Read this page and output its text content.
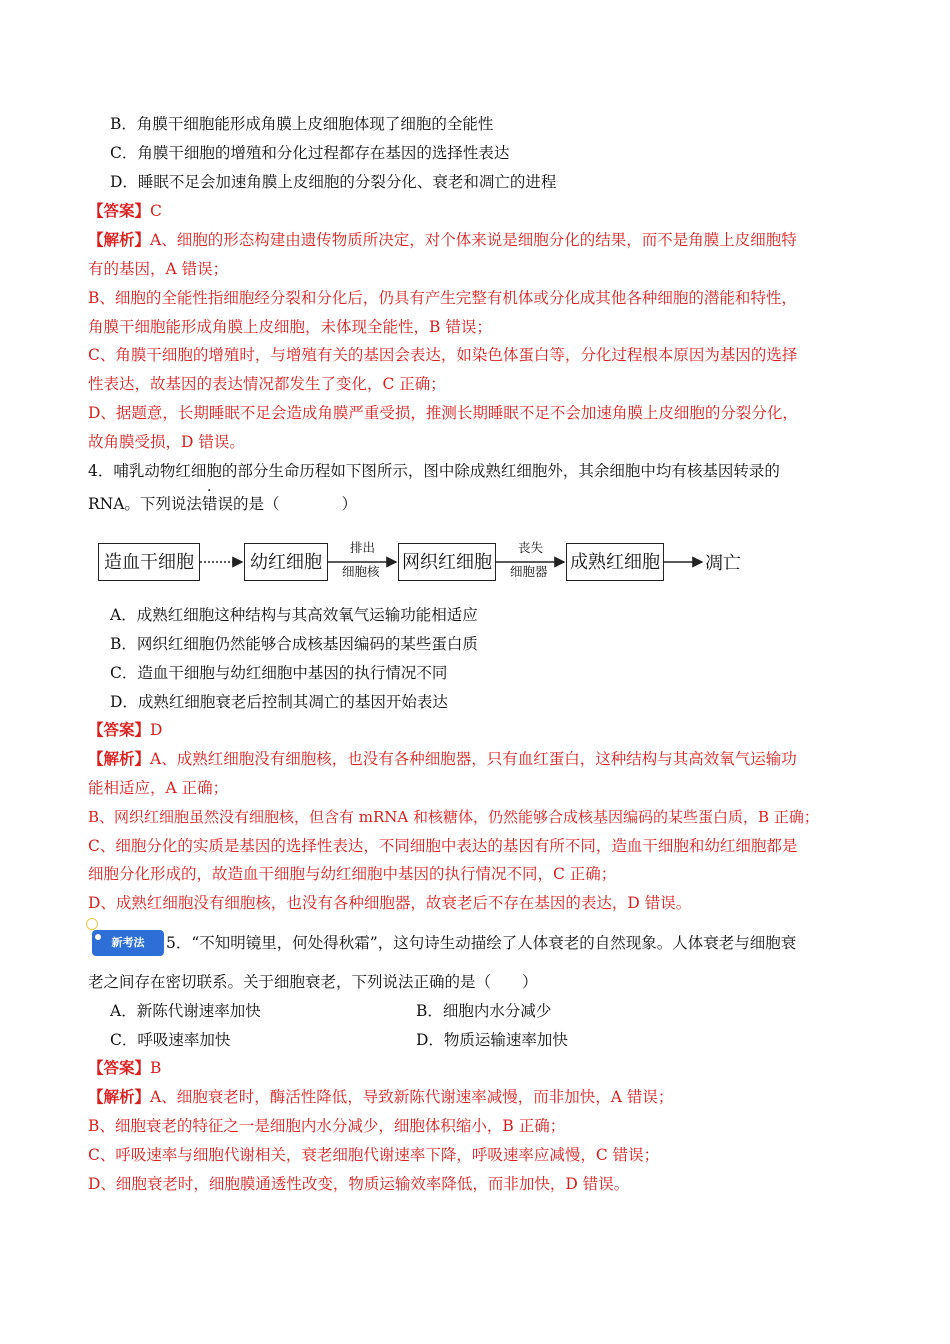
B．角膜干细胞能形成角膜上皮细胞体现了细胞的全能性
C．角膜干细胞的增殖和分化过程都存在基因的选择性表达
D．睡眠不足会加速角膜上皮细胞的分裂分化、衰老和凋亡的进程
【答案】C
【解析】A、细胞的形态构建由遗传物质所决定，对个体来说是细胞分化的结果，而不是角膜上皮细胞特
有的基因，A 错误；
B、细胞的全能性指细胞经分裂和分化后，仍具有产生完整有机体或分化成其他各种细胞的潜能和特性，
角膜干细胞能形成角膜上皮细胞，未体现全能性，B 错误；
C、角膜干细胞的增殖时，与增殖有关的基因会表达，如染色体蛋白等，分化过程根本原因为基因的选择
性表达，故基因的表达情况都发生了变化，C 正确；
D、据题意，长期睡眠不足会造成角膜严重受损，推测长期睡眠不足不会加速角膜上皮细胞的分裂分化，
故角膜受损，D 错误。
4．哺乳动物红细胞的部分生命历程如下图所示，图中除成熟红细胞外，其余细胞中均有核基因转录的
RNA。下列说法错误的是（　　　　）
造血干细胞	幼红细胞	网织红细胞	成熟红细胞	凋亡
排出
细胞核
丧失
细胞器
A．成熟红细胞这种结构与其高效氧气运输功能相适应
B．网织红细胞仍然能够合成核基因编码的某些蛋白质
C．造血干细胞与幼红细胞中基因的执行情况不同
D．成熟红细胞衰老后控制其凋亡的基因开始表达
【答案】D
【解析】A、成熟红细胞没有细胞核，也没有各种细胞器，只有血红蛋白，这种结构与其高效氧气运输功
能相适应，A 正确；
B、网织红细胞虽然没有细胞核，但含有 mRNA 和核糖体，仍然能够合成核基因编码的某些蛋白质，B 正确；
C、细胞分化的实质是基因的选择性表达，不同细胞中表达的基因有所不同，造血干细胞和幼红细胞都是
细胞分化形成的，故造血干细胞与幼红细胞中基因的执行情况不同，C 正确；
D、成熟红细胞没有细胞核，也没有各种细胞器，故衰老后不存在基因的表达，D 错误。
新考法	5．“不知明镜里，何处得秋霜”，这句诗生动描绘了人体衰老的自然现象。人体衰老与细胞衰
老之间存在密切联系。关于细胞衰老，下列说法正确的是（　　）
A．新陈代谢速率加快	B．细胞内水分减少
C．呼吸速率加快	D．物质运输速率加快
【答案】B
【解析】A、细胞衰老时，酶活性降低，导致新陈代谢速率减慢，而非加快，A 错误；
B、细胞衰老的特征之一是细胞内水分减少，细胞体积缩小，B 正确；
C、呼吸速率与细胞代谢相关，衰老细胞代谢速率下降，呼吸速率应减慢，C 错误；
D、细胞衰老时，细胞膜通透性改变，物质运输效率降低，而非加快，D 错误。
